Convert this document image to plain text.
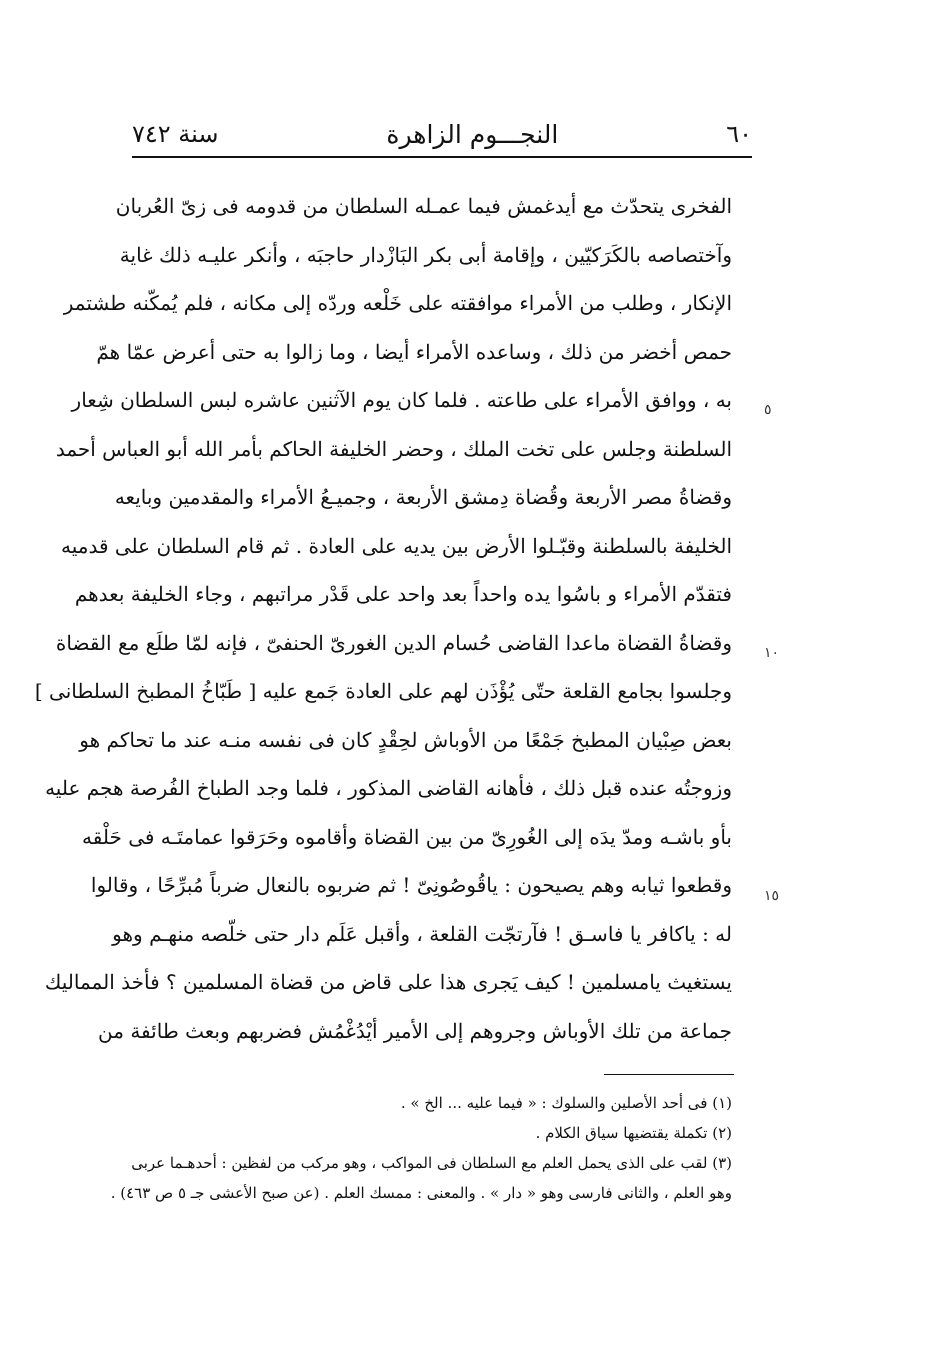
٦٠
النجـــوم الزاهرة
سنة ٧٤٢
الفخرى يتحدّث مع أيدغمش فيما عمـله السلطان من قدومه فى زىّ العُربان
وآختصاصه بالكَرَكيّين ، وإقامة أبى بكر البَازْدار حاجبَه ، وأنكر عليـه ذلك غاية
الإنكار ، وطلب من الأمراء موافقته على خَلْعه وردّه إلى مكانه ، فلم يُمكّنه طشتمر
حمص أخضر من ذلك ، وساعده الأمراء أيضا ، وما زالوا به حتى أعرض عمّا همّ
به ، ووافق الأمراء على طاعته . فلما كان يوم الآثنين عاشره لبس السلطان شِعار
السلطنة وجلس على تخت الملك ، وحضر الخليفة الحاكم بأمر الله أبو العباس أحمد
وقضاةُ مصر الأربعة وقُضاة دِمشق الأربعة ، وجميـعُ الأمراء والمقدمين وبايعه
الخليفة بالسلطنة وقبّـلوا الأرض بين يديه على العادة . ثم قام السلطان على قدميه
فتقدّم الأمراء و باسُوا يده واحداً بعد واحد على قَدْر مراتبهم ، وجاء الخليفة بعدهم
وقضاةُ القضاة ماعدا القاضى حُسام الدين الغورىّ الحنفىّ ، فإنه لمّا طلَع مع القضاة
وجلسوا بجامع القلعة حتّى يُؤْذَن لهم على العادة جَمع عليه [ طَبّاخُ المطبخ السلطانى ]
بعض صِبْيان المطبخ جَمْعًا من الأوباش لحِقْدٍ كان فى نفسه منـه عند ما تحاكم هو
وزوجتُه عنده قبل ذلك ، فأهانه القاضى المذكور ، فلما وجد الطباخ الفُرصة هجم عليه
بأو باشـه ومدّ يدَه إلى الغُورِىّ من بين القضاة وأقاموه وحَرَقوا عمامتَـه فى حَلْقه
وقطعوا ثيابه وهم يصيحون : ياقُوصُونِىّ ! ثم ضربوه بالنعال ضرباً مُبرِّحًا ، وقالوا
له : ياكافر يا فاسـق ! فآرتجّت القلعة ، وأقبل عَلَم دار حتى خلّصه منهـم وهو
يستغيث يامسلمين ! كيف يَجرى هذا على قاض من قضاة المسلمين ؟ فأخذ المماليك
جماعة من تلك الأوباش وجروهم إلى الأمير أيْدُغْمُش فضربهم وبعث طائفة من
٥
١٠
١٥
(١) فى أحد الأصلين والسلوك : « فيما عليه ... الخ » .
(٢) تكملة يقتضيها سياق الكلام .
(٣) لقب على الذى يحمل العلم مع السلطان فى المواكب ، وهو مركب من لفظين : أحدهـما عربى
وهو العلم ، والثانى فارسى وهو « دار » . والمعنى : ممسك العلم . (عن صبح الأعشى جـ ٥ ص ٤٦٣) .
